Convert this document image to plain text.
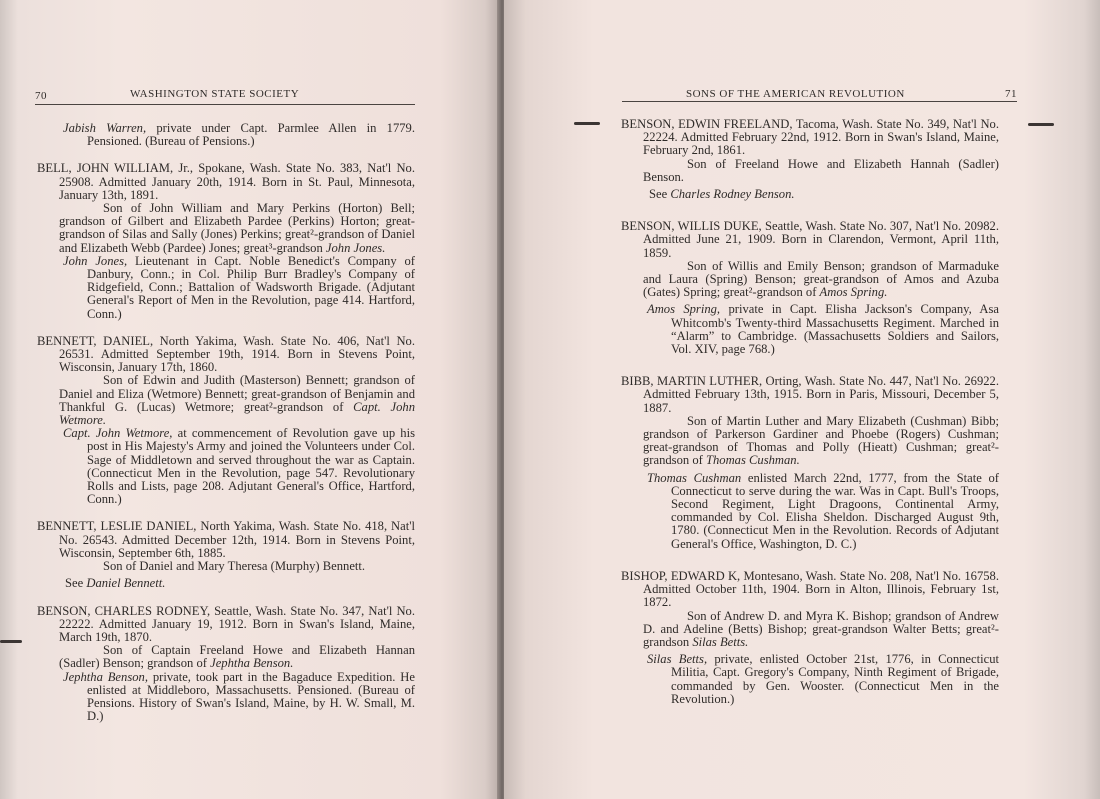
70	WASHINGTON STATE SOCIETY

Jabish Warren, private under Capt. Parmlee Allen in 1779. Pensioned. (Bureau of Pensions.)

BELL, JOHN WILLIAM, Jr., Spokane, Wash. State No. 383, Nat'l No. 25908. Admitted January 20th, 1914. Born in St. Paul, Minnesota, January 13th, 1891.

Son of John William and Mary Perkins (Horton) Bell; grandson of Gilbert and Elizabeth Pardee (Perkins) Horton; great-grandson of Silas and Sally (Jones) Perkins; great²-grandson of Daniel and Elizabeth Webb (Pardee) Jones; great³-grandson John Jones.

John Jones, Lieutenant in Capt. Noble Benedict's Company of Danbury, Conn.; in Col. Philip Burr Bradley's Company of Ridgefield, Conn.; Battalion of Wadsworth Brigade. (Adjutant General's Report of Men in the Revolution, page 414. Hartford, Conn.)

BENNETT, DANIEL, North Yakima, Wash. State No. 406, Nat'l No. 26531. Admitted September 19th, 1914. Born in Stevens Point, Wisconsin, January 17th, 1860.

Son of Edwin and Judith (Masterson) Bennett; grandson of Daniel and Eliza (Wetmore) Bennett; great-grandson of Benjamin and Thankful G. (Lucas) Wetmore; great²-grandson of Capt. John Wetmore.

Capt. John Wetmore, at commencement of Revolution gave up his post in His Majesty's Army and joined the Volunteers under Col. Sage of Middletown and served throughout the war as Captain. (Connecticut Men in the Revolution, page 547. Revolutionary Rolls and Lists, page 208. Adjutant General's Office, Hartford, Conn.)

BENNETT, LESLIE DANIEL, North Yakima, Wash. State No. 418, Nat'l No. 26543. Admitted December 12th, 1914. Born in Stevens Point, Wisconsin, September 6th, 1885.

Son of Daniel and Mary Theresa (Murphy) Bennett.

See Daniel Bennett.

BENSON, CHARLES RODNEY, Seattle, Wash. State No. 347, Nat'l No. 22222. Admitted January 19, 1912. Born in Swan's Island, Maine, March 19th, 1870.

Son of Captain Freeland Howe and Elizabeth Hannan (Sadler) Benson; grandson of Jephtha Benson.

Jephtha Benson, private, took part in the Bagaduce Expedition. He enlisted at Middleboro, Massachusetts. Pensioned. (Bureau of Pensions. History of Swan's Island, Maine, by H. W. Small, M. D.)

SONS OF THE AMERICAN REVOLUTION	71

BENSON, EDWIN FREELAND, Tacoma, Wash. State No. 349, Nat'l No. 22224. Admitted February 22nd, 1912. Born in Swan's Island, Maine, February 2nd, 1861.

Son of Freeland Howe and Elizabeth Hannah (Sadler) Benson.

See Charles Rodney Benson.

BENSON, WILLIS DUKE, Seattle, Wash. State No. 307, Nat'l No. 20982. Admitted June 21, 1909. Born in Clarendon, Vermont, April 11th, 1859.

Son of Willis and Emily Benson; grandson of Marmaduke and Laura (Spring) Benson; great-grandson of Amos and Azuba (Gates) Spring; great²-grandson of Amos Spring.

Amos Spring, private in Capt. Elisha Jackson's Company, Asa Whitcomb's Twenty-third Massachusetts Regiment. Marched in “Alarm” to Cambridge. (Massachusetts Soldiers and Sailors, Vol. XIV, page 768.)

BIBB, MARTIN LUTHER, Orting, Wash. State No. 447, Nat'l No. 26922. Admitted February 13th, 1915. Born in Paris, Missouri, December 5, 1887.

Son of Martin Luther and Mary Elizabeth (Cushman) Bibb; grandson of Parkerson Gardiner and Phoebe (Rogers) Cushman; great-grandson of Thomas and Polly (Hieatt) Cushman; great²-grandson of Thomas Cushman.

Thomas Cushman enlisted March 22nd, 1777, from the State of Connecticut to serve during the war. Was in Capt. Bull's Troops, Second Regiment, Light Dragoons, Continental Army, commanded by Col. Elisha Sheldon. Discharged August 9th, 1780. (Connecticut Men in the Revolution. Records of Adjutant General's Office, Washington, D. C.)

BISHOP, EDWARD K, Montesano, Wash. State No. 208, Nat'l No. 16758. Admitted October 11th, 1904. Born in Alton, Illinois, February 1st, 1872.

Son of Andrew D. and Myra K. Bishop; grandson of Andrew D. and Adeline (Betts) Bishop; great-grandson Walter Betts; great²-grandson Silas Betts.

Silas Betts, private, enlisted October 21st, 1776, in Connecticut Militia, Capt. Gregory's Company, Ninth Regiment of Brigade, commanded by Gen. Wooster. (Connecticut Men in the Revolution.)
